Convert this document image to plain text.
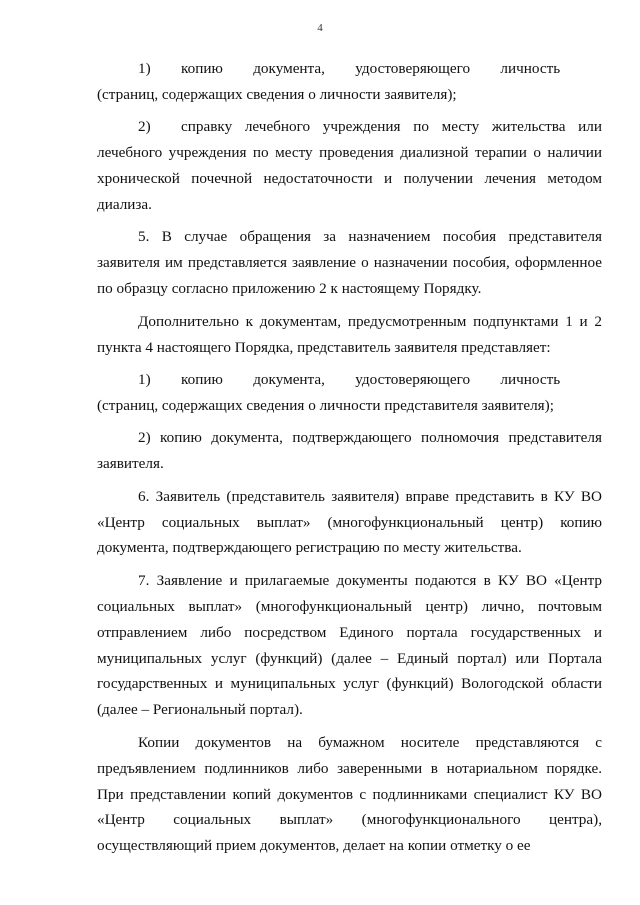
4

1)  копию  документа,  удостоверяющего  личность  (страниц, содержащих сведения о личности заявителя);

2)  справку лечебного учреждения по месту жительства или лечебного учреждения по месту проведения диализной терапии о наличии хронической почечной недостаточности и получении лечения методом диализа.

5. В случае обращения за назначением пособия представителя заявителя им представляется заявление о назначении пособия, оформленное по образцу согласно приложению 2 к настоящему Порядку.

Дополнительно к документам, предусмотренным подпунктами 1 и 2 пункта 4 настоящего Порядка, представитель заявителя представляет:

1)  копию  документа,  удостоверяющего  личность  (страниц, содержащих сведения о личности представителя заявителя);

2) копию документа, подтверждающего полномочия представителя заявителя.

6. Заявитель (представитель заявителя) вправе представить в КУ ВО «Центр социальных выплат» (многофункциональный центр) копию документа, подтверждающего регистрацию по месту жительства.

7. Заявление и прилагаемые документы подаются в КУ ВО «Центр социальных выплат» (многофункциональный центр) лично, почтовым отправлением либо посредством Единого портала государственных и муниципальных услуг (функций) (далее – Единый портал) или Портала государственных и муниципальных услуг (функций) Вологодской области (далее – Региональный портал).

Копии документов на бумажном носителе представляются с предъявлением подлинников либо заверенными в нотариальном порядке. При представлении копий документов с подлинниками специалист КУ ВО «Центр социальных выплат» (многофункционального центра), осуществляющий прием документов, делает на копии отметку о ее
